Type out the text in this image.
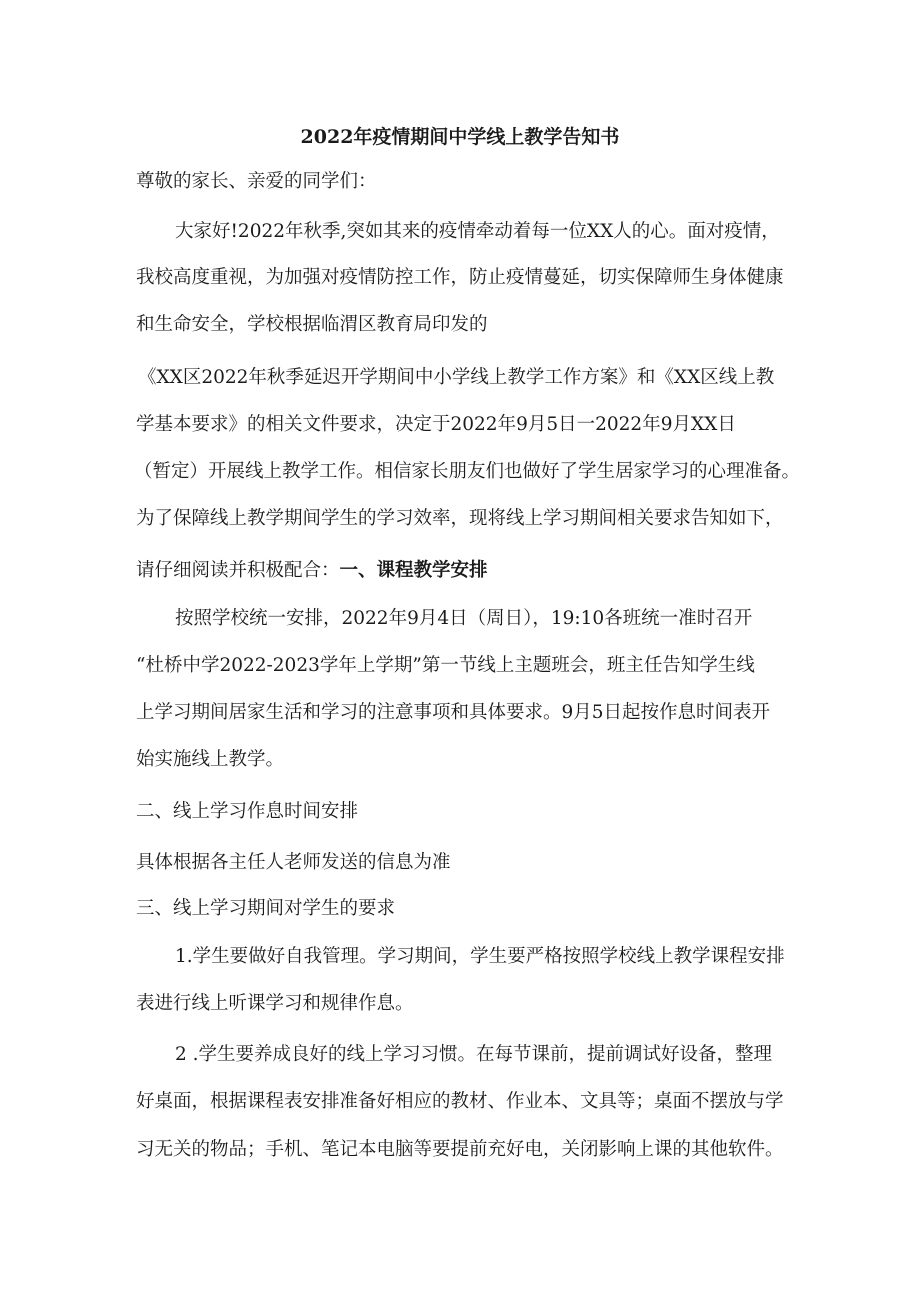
2022年疫情期间中学线上教学告知书
尊敬的家长、亲爱的同学们：
大家好!2022年秋季,突如其来的疫情牵动着每一位XX人的心。面对疫情，
我校高度重视，为加强对疫情防控工作，防止疫情蔓延，切实保障师生身体健康
和生命安全，学校根据临渭区教育局印发的
《XX区2022年秋季延迟开学期间中小学线上教学工作方案》和《XX区线上教
学基本要求》的相关文件要求，决定于2022年9月5日一2022年9月XX日
（暂定）开展线上教学工作。相信家长朋友们也做好了学生居家学习的心理准备。
为了保障线上教学期间学生的学习效率，现将线上学习期间相关要求告知如下，
请仔细阅读并积极配合：一、课程教学安排
按照学校统一安排，2022年9月4日（周日），19:10各班统一准时召开
“杜桥中学2022-2023学年上学期”第一节线上主题班会，班主任告知学生线
上学习期间居家生活和学习的注意事项和具体要求。9月5日起按作息时间表开
始实施线上教学。
二、线上学习作息时间安排
具体根据各主任人老师发送的信息为准
三、线上学习期间对学生的要求
1.学生要做好自我管理。学习期间，学生要严格按照学校线上教学课程安排
表进行线上听课学习和规律作息。
2 .学生要养成良好的线上学习习惯。在每节课前，提前调试好设备，整理
好桌面，根据课程表安排准备好相应的教材、作业本、文具等；桌面不摆放与学
习无关的物品；手机、笔记本电脑等要提前充好电，关闭影响上课的其他软件。
